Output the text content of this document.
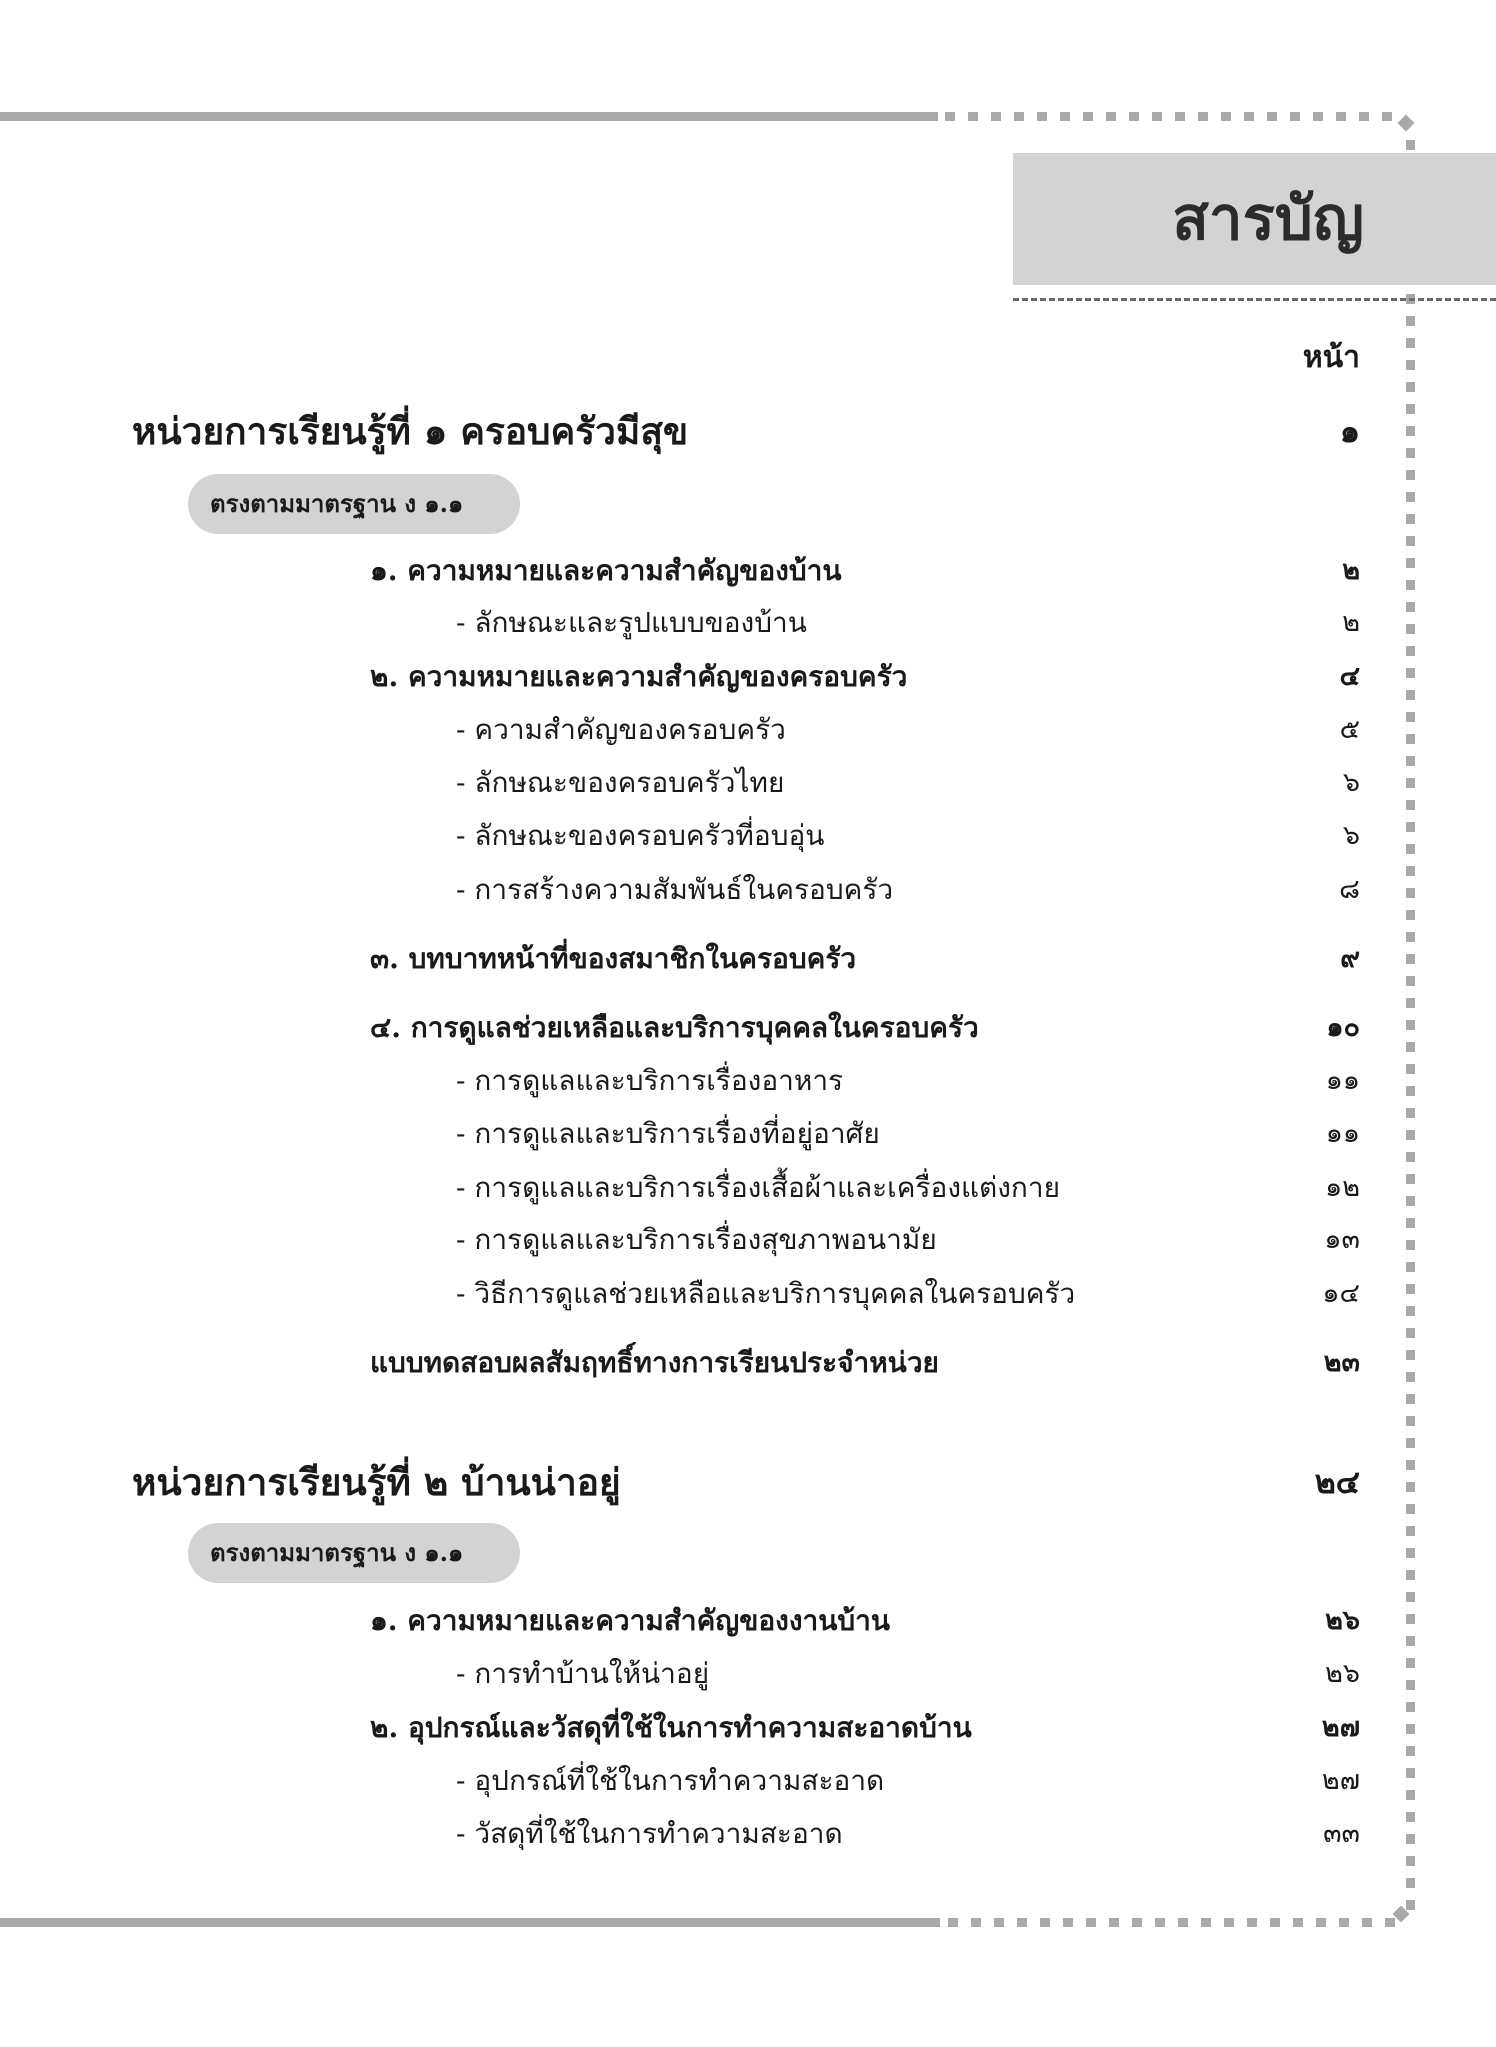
สารบัญ
หน้า
หน่วยการเรียนรู้ที่ ๑ ครอบครัวมีสุข	๑
ตรงตามมาตรฐาน ง ๑.๑
๑. ความหมายและความสำคัญของบ้าน	๒
- ลักษณะและรูปแบบของบ้าน	๒
๒. ความหมายและความสำคัญของครอบครัว	๔
- ความสำคัญของครอบครัว	๕
- ลักษณะของครอบครัวไทย	๖
- ลักษณะของครอบครัวที่อบอุ่น	๖
- การสร้างความสัมพันธ์ในครอบครัว	๘
๓. บทบาทหน้าที่ของสมาชิกในครอบครัว	๙
๔. การดูแลช่วยเหลือและบริการบุคคลในครอบครัว	๑๐
- การดูแลและบริการเรื่องอาหาร	๑๑
- การดูแลและบริการเรื่องที่อยู่อาศัย	๑๑
- การดูแลและบริการเรื่องเสื้อผ้าและเครื่องแต่งกาย	๑๒
- การดูแลและบริการเรื่องสุขภาพอนามัย	๑๓
- วิธีการดูแลช่วยเหลือและบริการบุคคลในครอบครัว	๑๔
แบบทดสอบผลสัมฤทธิ์ทางการเรียนประจำหน่วย	๒๓
หน่วยการเรียนรู้ที่ ๒ บ้านน่าอยู่	๒๔
ตรงตามมาตรฐาน ง ๑.๑
๑. ความหมายและความสำคัญของงานบ้าน	๒๖
- การทำบ้านให้น่าอยู่	๒๖
๒. อุปกรณ์และวัสดุที่ใช้ในการทำความสะอาดบ้าน	๒๗
- อุปกรณ์ที่ใช้ในการทำความสะอาด	๒๗
- วัสดุที่ใช้ในการทำความสะอาด	๓๓
